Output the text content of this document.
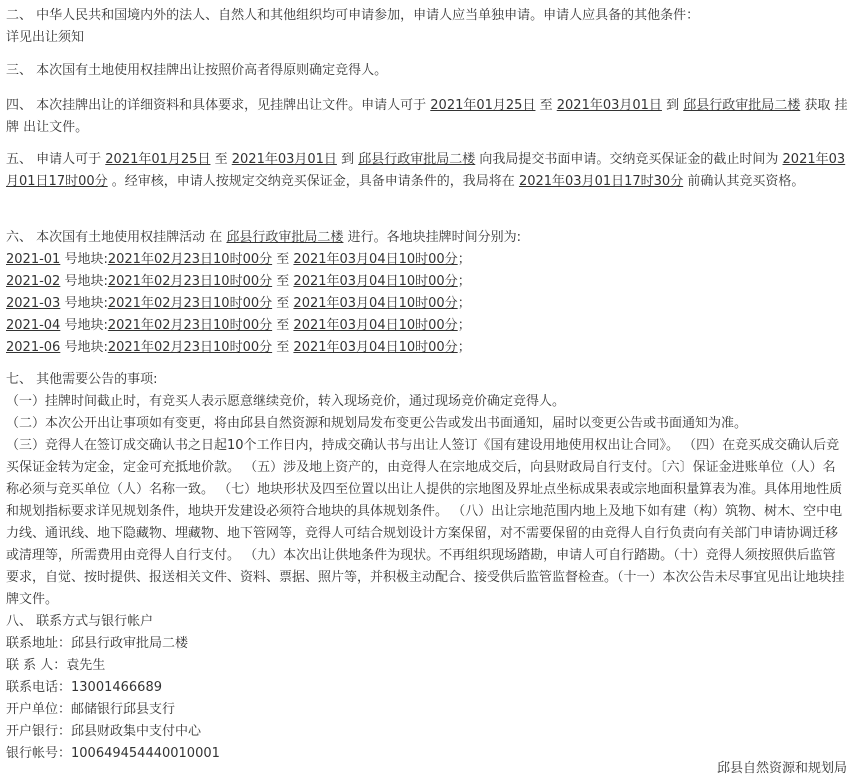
二、 中华人民共和国境内外的法人、自然人和其他组织均可申请参加，申请人应当单独申请。申请人应具备的其他条件：
详见出让须知
三、 本次国有土地使用权挂牌出让按照价高者得原则确定竞得人。
四、 本次挂牌出让的详细资料和具体要求，见挂牌出让文件。申请人可于 2021年01月25日 至 2021年03月01日 到 邱县行政审批局二楼 获取 挂牌 出让文件。
五、 申请人可于 2021年01月25日 至 2021年03月01日 到 邱县行政审批局二楼 向我局提交书面申请。交纳竞买保证金的截止时间为 2021年03月01日17时00分 。经审核，申请人按规定交纳竞买保证金，具备申请条件的，我局将在 2021年03月01日17时30分 前确认其竞买资格。
六、 本次国有土地使用权挂牌活动 在 邱县行政审批局二楼 进行。各地块挂牌时间分别为:
2021-01 号地块:2021年02月23日10时00分 至 2021年03月04日10时00分；
2021-02 号地块:2021年02月23日10时00分 至 2021年03月04日10时00分；
2021-03 号地块:2021年02月23日10时00分 至 2021年03月04日10时00分；
2021-04 号地块:2021年02月23日10时00分 至 2021年03月04日10时00分；
2021-06 号地块:2021年02月23日10时00分 至 2021年03月04日10时00分；
七、 其他需要公告的事项:
（一）挂牌时间截止时，有竞买人表示愿意继续竞价，转入现场竞价，通过现场竞价确定竞得人。
（二）本次公开出让事项如有变更，将由邱县自然资源和规划局发布变更公告或发出书面通知，届时以变更公告或书面通知为准。
（三）竞得人在签订成交确认书之日起10个工作日内，持成交确认书与出让人签订《国有建设用地使用权出让合同》。 （四）在竞买成交确认后竞买保证金转为定金，定金可充抵地价款。 （五）涉及地上资产的，由竞得人在宗地成交后，向县财政局自行支付。〔六〕保证金进账单位（人）名称必须与竞买单位（人）名称一致。 （七）地块形状及四至位置以出让人提供的宗地图及界址点坐标成果表或宗地面积量算表为准。具体用地性质和规划指标要求详见规划条件，地块开发建设必须符合地块的具体规划条件。 （八）出让宗地范围内地上及地下如有建（构）筑物、树木、空中电力线、通讯线、地下隐藏物、埋藏物、地下管网等，竞得人可结合规划设计方案保留，对不需要保留的由竞得人自行负责向有关部门申请协调迁移或清理等，所需费用由竞得人自行支付。 （九）本次出让供地条件为现状。不再组织现场踏勘，申请人可自行踏勘。（十）竞得人须按照供后监管要求，自觉、按时提供、报送相关文件、资料、票据、照片等，并积极主动配合、接受供后监管监督检查。（十一）本次公告未尽事宜见出让地块挂牌文件。
八、 联系方式与银行帐户
联系地址：邱县行政审批局二楼
联 系 人：袁先生
联系电话：13001466689
开户单位：邮储银行邱县支行
开户银行：邱县财政集中支付中心
银行帐号：100649454440010001
邱县自然资源和规划局
